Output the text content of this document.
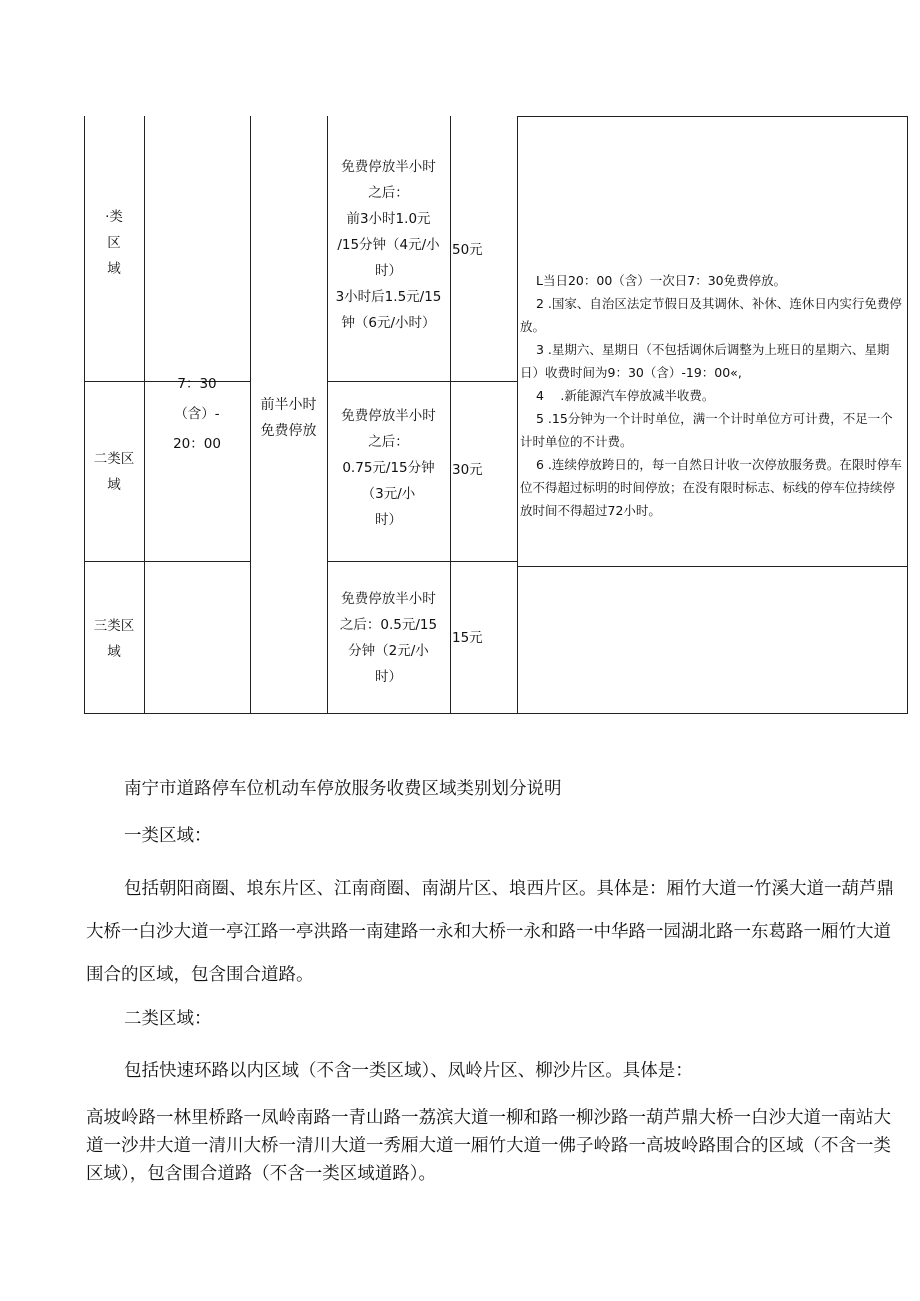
·类
区
域
二类区
域
三类区
域
7：30
（含）-
20：00
前半小时
免费停放
免费停放半小时
之后：
前3小时1.0元
/15分钟（4元/小
时）
3小时后1.5元/15
钟（6元/小时）
免费停放半小时
之后：
0.75元/15分钟
（3元/小
时）
免费停放半小时
之后：0.5元/15
分钟（2元/小
时）
50元
30元
15元

L当日20：00（含）一次日7：30免费停放。

2 .国家、自治区法定节假日及其调休、补休、连休日内实行免费停放。

3 .星期六、星期日（不包括调休后调整为上班日的星期六、星期日）收费时间为9：30（含）-19：00«,

4 　.新能源汽车停放减半收费。

5 .15分钟为一个计时单位，满一个计时单位方可计费，不足一个计时单位的不计费。

6 .连续停放跨日的，每一自然日计收一次停放服务费。在限时停车位不得超过标明的时间停放；在没有限时标志、标线的停车位持续停放时间不得超过72小时。

南宁市道路停车位机动车停放服务收费区域类别划分说明

一类区域：

包括朝阳商圈、埌东片区、江南商圈、南湖片区、埌西片区。具体是：厢竹大道一竹溪大道一葫芦鼎大桥一白沙大道一亭江路一亭洪路一南建路一永和大桥一永和路一中华路一园湖北路一东葛路一厢竹大道围合的区域，包含围合道路。

二类区域：

包括快速环路以内区域（不含一类区域）、凤岭片区、柳沙片区。具体是：

高坡岭路一林里桥路一凤岭南路一青山路一荔滨大道一柳和路一柳沙路一葫芦鼎大桥一白沙大道一南站大道一沙井大道一清川大桥一清川大道一秀厢大道一厢竹大道一佛子岭路一高坡岭路围合的区域（不含一类区域），包含围合道路（不含一类区域道路）。
